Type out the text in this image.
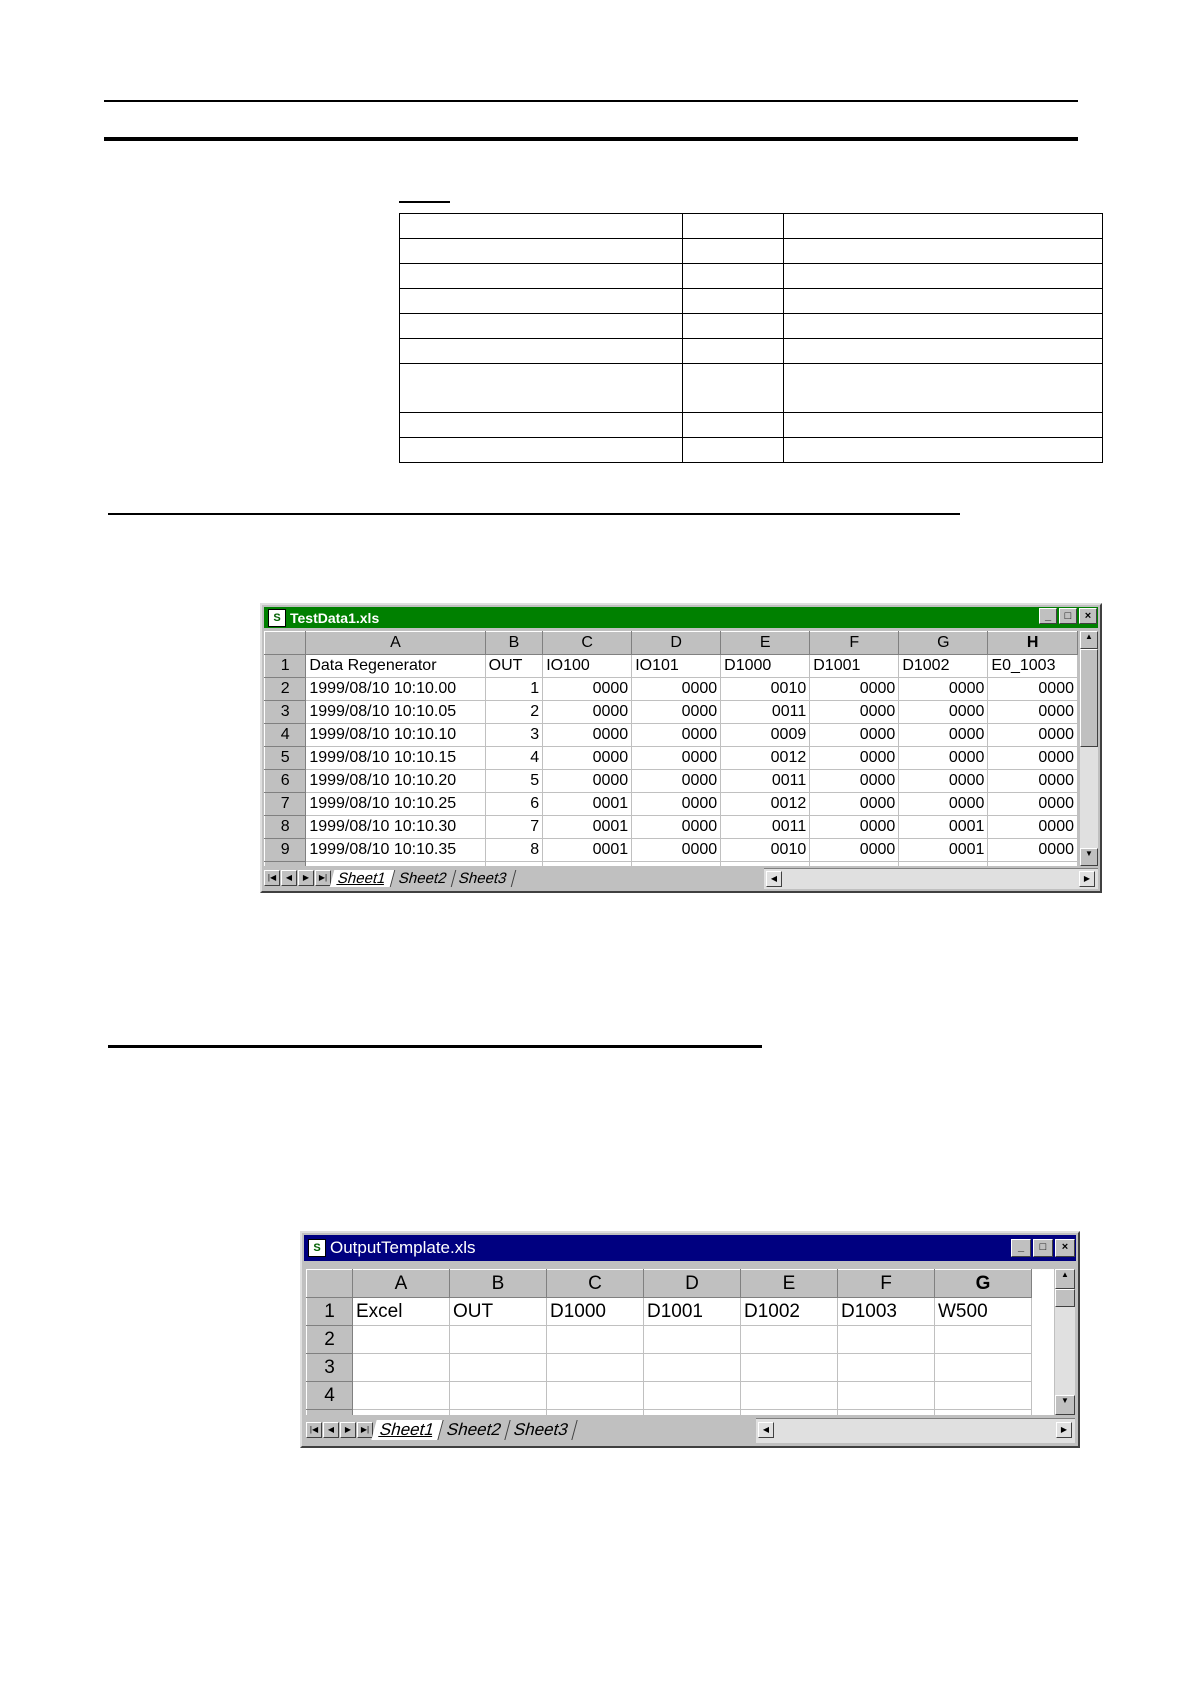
S TestData1.xls	_	□	×
	A	B	C	D	E	F	G	H
1	Data Regenerator	OUT	IO100	IO101	D1000	D1001	D1002	E0_1003
2	1999/08/10 10:10.00	1	0000	0000	0010	0000	0000	0000
3	1999/08/10 10:10.05	2	0000	0000	0011	0000	0000	0000
4	1999/08/10 10:10.10	3	0000	0000	0009	0000	0000	0000
5	1999/08/10 10:10.15	4	0000	0000	0012	0000	0000	0000
6	1999/08/10 10:10.20	5	0000	0000	0011	0000	0000	0000
7	1999/08/10 10:10.25	6	0001	0000	0012	0000	0000	0000
8	1999/08/10 10:10.30	7	0001	0000	0011	0000	0001	0000
9	1999/08/10 10:10.35	8	0001	0000	0010	0000	0001	0000

▲
▼
|◀	◀	▶	▶| Sheet1 Sheet2 Sheet3	◀	▶
S OutputTemplate.xls	_	□	×
	A	B	C	D	E	F	G
1	Excel	OUT	D1000	D1001	D1002	D1003	W500
2							
3							
4							

▲
▼
|◀	◀	▶	▶| Sheet1 Sheet2 Sheet3	◀	▶
